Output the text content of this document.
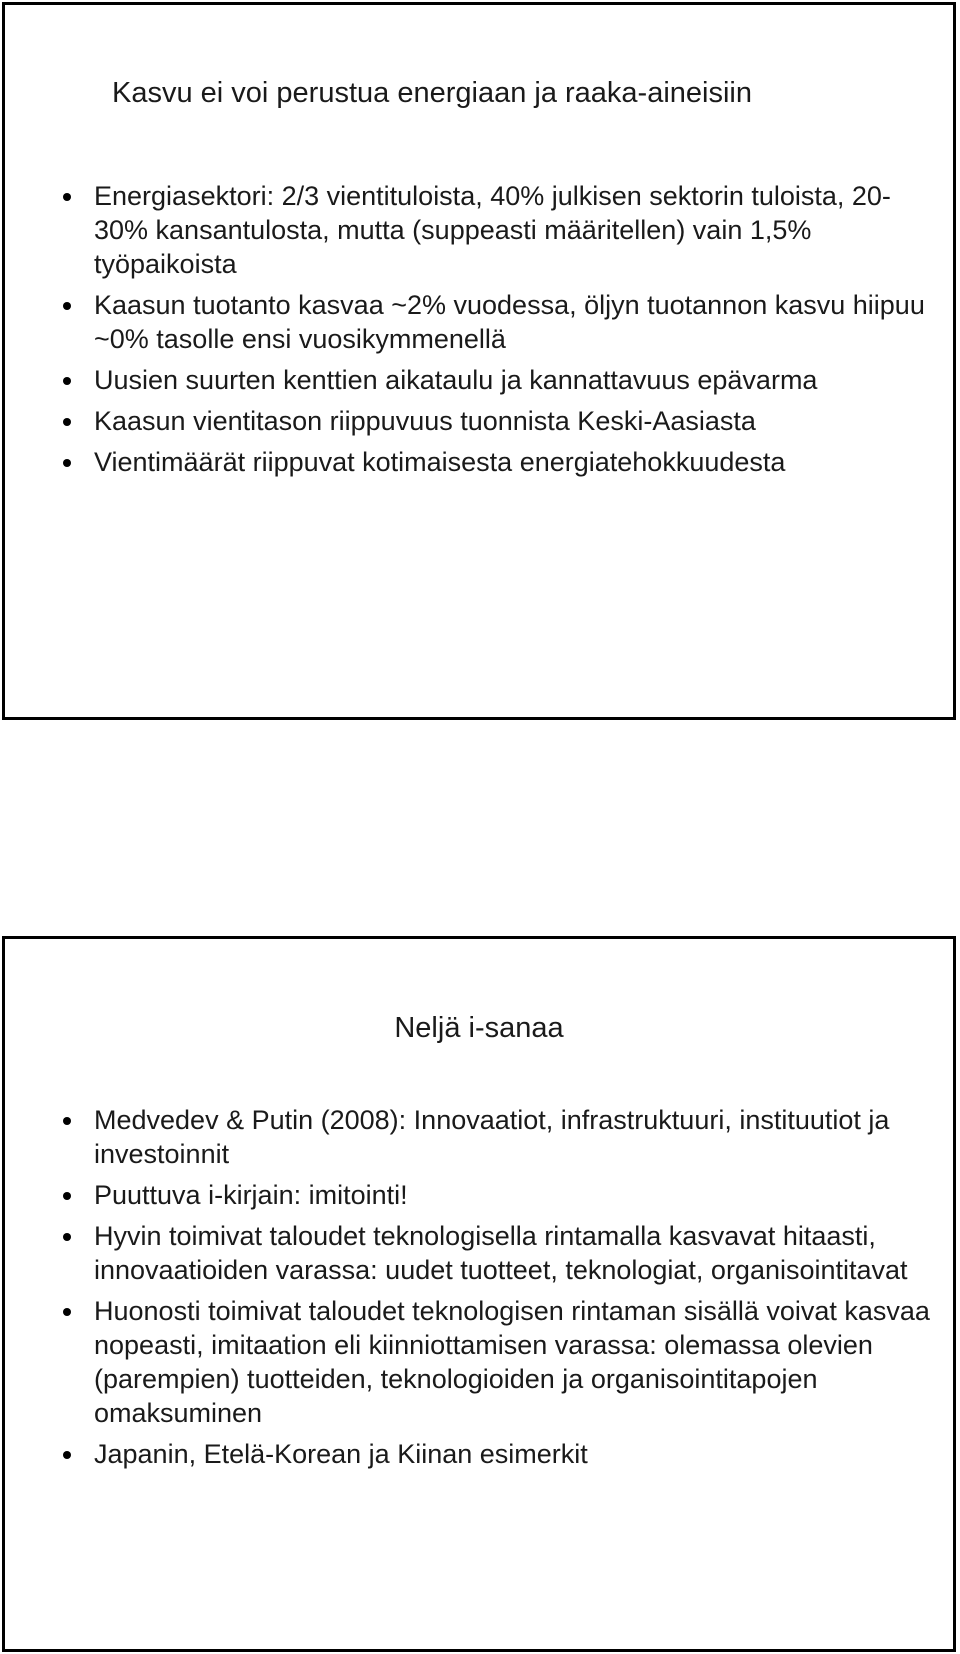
Kasvu ei voi perustua energiaan ja raaka-aineisiin
Energiasektori: 2/3 vientituloista, 40% julkisen sektorin tuloista, 20-30% kansantulosta, mutta (suppeasti määritellen) vain 1,5% työpaikoista
Kaasun tuotanto kasvaa ~2% vuodessa, öljyn tuotannon kasvu hiipuu ~0% tasolle ensi vuosikymmenellä
Uusien suurten kenttien aikataulu ja kannattavuus epävarma
Kaasun vientitason riippuvuus tuonnista Keski-Aasiasta
Vientimäärät riippuvat kotimaisesta energiatehokkuudesta
Neljä i-sanaa
Medvedev & Putin (2008): Innovaatiot, infrastruktuuri, instituutiot ja investoinnit
Puuttuva i-kirjain: imitointi!
Hyvin toimivat taloudet teknologisella rintamalla kasvavat hitaasti, innovaatioiden varassa: uudet tuotteet, teknologiat, organisointitavat
Huonosti toimivat taloudet teknologisen rintaman sisällä voivat kasvaa nopeasti, imitaation eli kiinniottamisen varassa: olemassa olevien (parempien) tuotteiden, teknologioiden ja organisointitapojen omaksuminen
Japanin, Etelä-Korean ja Kiinan esimerkit
